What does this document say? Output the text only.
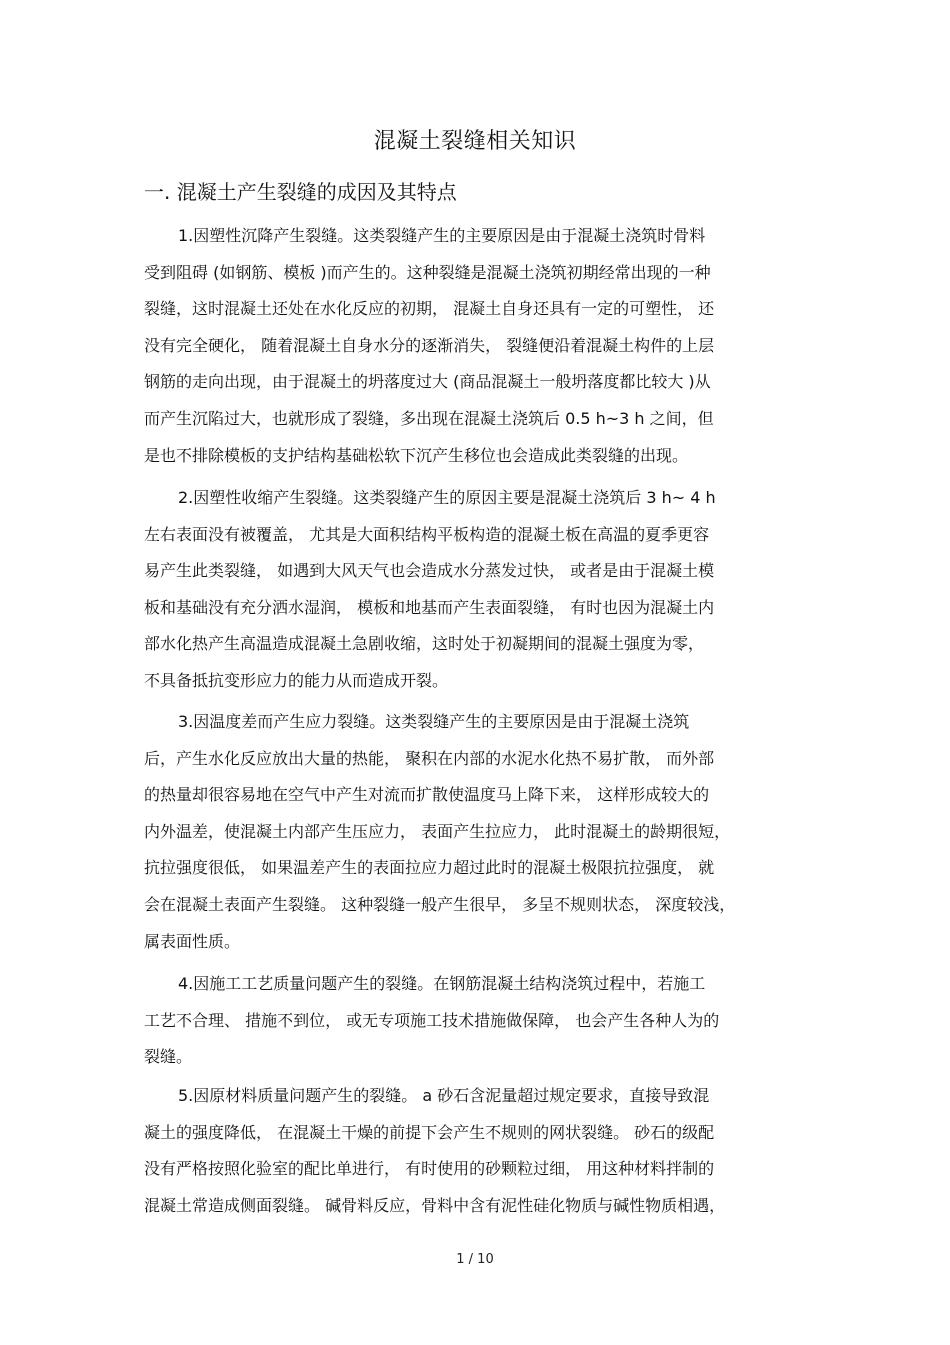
混凝土裂缝相关知识
一. 混凝土产生裂缝的成因及其特点
1.因塑性沉降产生裂缝。这类裂缝产生的主要原因是由于混凝土浇筑时骨料
受到阻碍 (如钢筋、模板 )而产生的。这种裂缝是混凝土浇筑初期经常出现的一种
裂缝，这时混凝土还处在水化反应的初期， 混凝土自身还具有一定的可塑性， 还
没有完全硬化， 随着混凝土自身水分的逐渐消失， 裂缝便沿着混凝土构件的上层
钢筋的走向出现，由于混凝土的坍落度过大 (商品混凝土一般坍落度都比较大 )从
而产生沉陷过大，也就形成了裂缝，多出现在混凝土浇筑后 0.5 h~3 h 之间，但
是也不排除模板的支护结构基础松软下沉产生移位也会造成此类裂缝的出现。
2.因塑性收缩产生裂缝。这类裂缝产生的原因主要是混凝土浇筑后 3 h~ 4 h
左右表面没有被覆盖， 尤其是大面积结构平板构造的混凝土板在高温的夏季更容
易产生此类裂缝， 如遇到大风天气也会造成水分蒸发过快， 或者是由于混凝土模
板和基础没有充分洒水湿润， 模板和地基而产生表面裂缝， 有时也因为混凝土内
部水化热产生高温造成混凝土急剧收缩，这时处于初凝期间的混凝土强度为零，
不具备抵抗变形应力的能力从而造成开裂。
3.因温度差而产生应力裂缝。这类裂缝产生的主要原因是由于混凝土浇筑
后，产生水化反应放出大量的热能， 聚积在内部的水泥水化热不易扩散， 而外部
的热量却很容易地在空气中产生对流而扩散使温度马上降下来， 这样形成较大的
内外温差，使混凝土内部产生压应力， 表面产生拉应力， 此时混凝土的龄期很短，
抗拉强度很低， 如果温差产生的表面拉应力超过此时的混凝土极限抗拉强度， 就
会在混凝土表面产生裂缝。 这种裂缝一般产生很早， 多呈不规则状态， 深度较浅，
属表面性质。
4.因施工工艺质量问题产生的裂缝。在钢筋混凝土结构浇筑过程中，若施工
工艺不合理、 措施不到位， 或无专项施工技术措施做保障， 也会产生各种人为的
裂缝。
5.因原材料质量问题产生的裂缝。 a 砂石含泥量超过规定要求，直接导致混
凝土的强度降低， 在混凝土干燥的前提下会产生不规则的网状裂缝。 砂石的级配
没有严格按照化验室的配比单进行， 有时使用的砂颗粒过细， 用这种材料拌制的
混凝土常造成侧面裂缝。 碱骨料反应，骨料中含有泥性硅化物质与碱性物质相遇，
1 / 10
